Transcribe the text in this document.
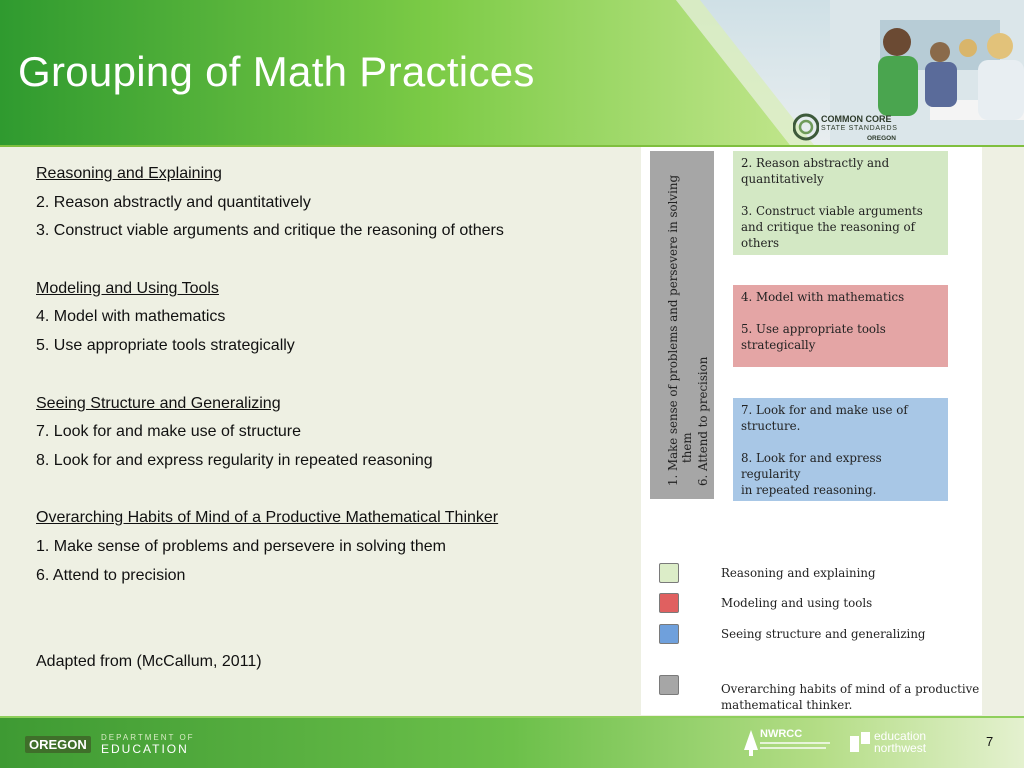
Grouping of Math Practices
COMMON CORE
STATE STANDARDS
OREGON
Reasoning and Explaining
2. Reason abstractly and quantitatively
3. Construct viable arguments and critique the reasoning of others
Modeling and Using Tools
4. Model with mathematics
5. Use appropriate tools strategically
Seeing Structure and Generalizing
7. Look for and make use of structure
8. Look for and express regularity in repeated reasoning
Overarching Habits of Mind of a Productive Mathematical Thinker
1. Make sense of problems and persevere in solving them
6. Attend to precision
Adapted from (McCallum, 2011)
1. Make sense of problems and persevere in solving them 6. Attend to precision

2. Reason abstractly and

quantitatively

3. Construct viable arguments

and critique the reasoning of

others

4. Model with mathematics

5. Use appropriate tools

strategically

7. Look for and make use of

structure.

8. Look for and express regularity

in repeated reasoning.

Reasoning and explaining
Modeling and using tools
Seeing structure and generalizing
Overarching habits of mind of a productive
mathematical thinker.
7
OREGON	DEPARTMENT OF
EDUCATION
NWRCC	education
northwest
